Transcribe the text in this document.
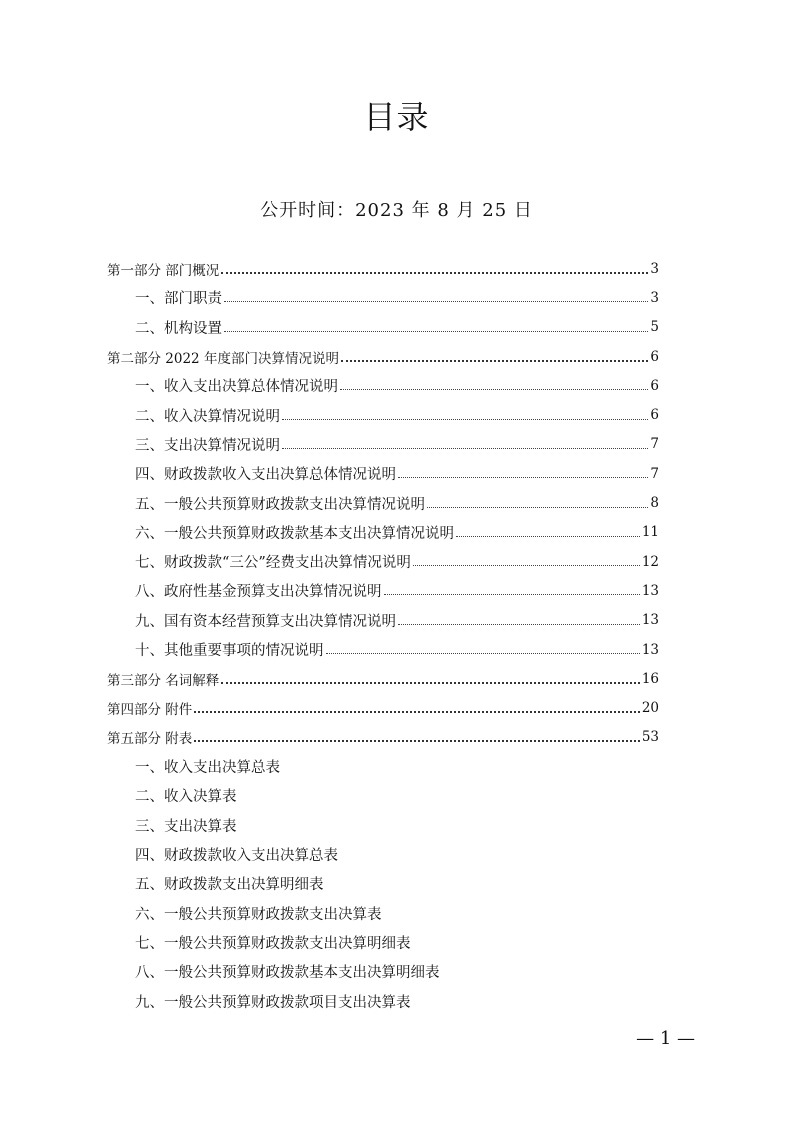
目录
公开时间：2023 年 8 月 25 日
第一部分 部门概况	3
一、部门职责	3
二、机构设置	5
第二部分 2022 年度部门决算情况说明	6
一、收入支出决算总体情况说明	6
二、收入决算情况说明	6
三、支出决算情况说明	7
四、财政拨款收入支出决算总体情况说明	7
五、一般公共预算财政拨款支出决算情况说明	8
六、一般公共预算财政拨款基本支出决算情况说明	11
七、财政拨款“三公”经费支出决算情况说明	12
八、政府性基金预算支出决算情况说明	13
九、国有资本经营预算支出决算情况说明	13
十、其他重要事项的情况说明	13
第三部分 名词解释	16
第四部分 附件	20
第五部分 附表	53
一、收入支出决算总表
二、收入决算表
三、支出决算表
四、财政拨款收入支出决算总表
五、财政拨款支出决算明细表
六、一般公共预算财政拨款支出决算表
七、一般公共预算财政拨款支出决算明细表
八、一般公共预算财政拨款基本支出决算明细表
九、一般公共预算财政拨款项目支出决算表
— 1 —
